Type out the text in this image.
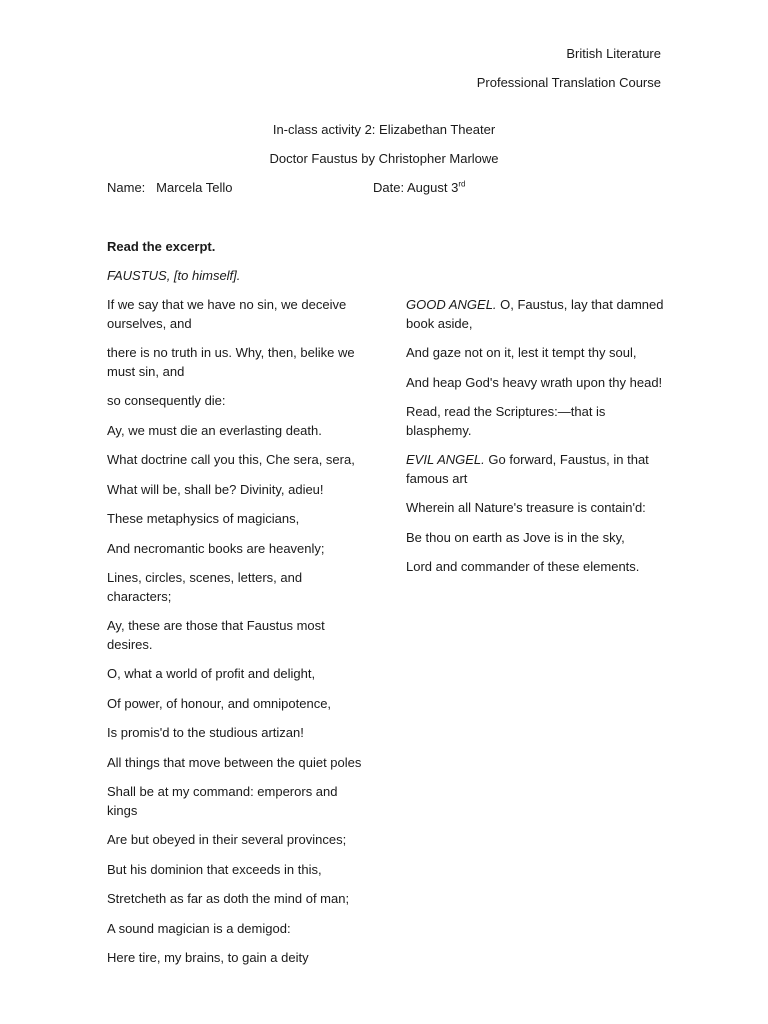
British Literature
Professional Translation Course
In-class activity 2: Elizabethan Theater
Doctor Faustus by Christopher Marlowe
Name: Marcela Tello	Date: August 3rd
Read the excerpt.
FAUSTUS, [to himself].

If we say that we have no sin, we deceive ourselves, and

there is no truth in us. Why, then, belike we must sin, and

so consequently die:

Ay, we must die an everlasting death.

What doctrine call you this, Che sera, sera,

What will be, shall be? Divinity, adieu!

These metaphysics of magicians,

And necromantic books are heavenly;

Lines, circles, scenes, letters, and characters;

Ay, these are those that Faustus most desires.

O, what a world of profit and delight,

Of power, of honour, and omnipotence,

Is promis'd to the studious artizan!

All things that move between the quiet poles

Shall be at my command: emperors and kings

Are but obeyed in their several provinces;

But his dominion that exceeds in this,

Stretcheth as far as doth the mind of man;

A sound magician is a demigod:

Here tire, my brains, to gain a deity

GOOD ANGEL. O, Faustus, lay that damned book aside,

And gaze not on it, lest it tempt thy soul,

And heap God's heavy wrath upon thy head!

Read, read the Scriptures:—that is blasphemy.

EVIL ANGEL. Go forward, Faustus, in that famous art

Wherein all Nature's treasure is contain'd:

Be thou on earth as Jove is in the sky,

Lord and commander of these elements.
